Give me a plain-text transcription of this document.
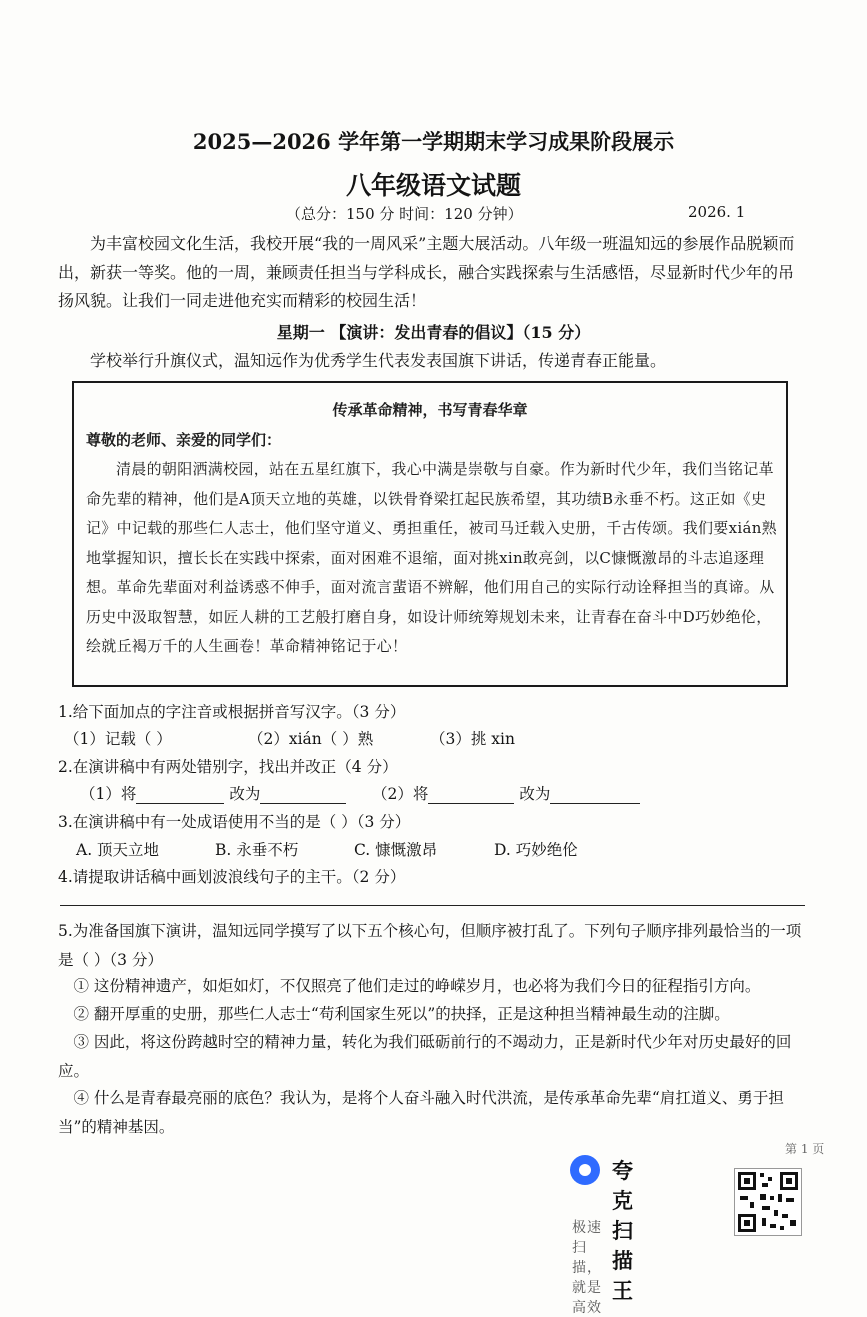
2025—2026 学年第一学期期末学习成果阶段展示
八年级语文试题
（总分：150 分 时间：120 分钟）	2026. 1
为丰富校园文化生活，我校开展“我的一周风采”主题大展活动。八年级一班温知远的参展作品脱颖而出，新获一等奖。他的一周，兼顾责任担当与学科成长，融合实践探索与生活感悟，尽显新时代少年的吊扬风貌。让我们一同走进他充实而精彩的校园生活！
星期一 【演讲：发出青春的倡议】（15 分）
学校举行升旗仪式，温知远作为优秀学生代表发表国旗下讲话，传递青春正能量。
传承革命精神，书写青春华章
尊敬的老师、亲爱的同学们：
清晨的朝阳洒满校园，站在五星红旗下，我心中满是崇敬与自豪。作为新时代少年，我们当铭记革命先辈的精神，他们是A顶天立地的英雄，以铁骨脊梁扛起民族希望，其功绩B永垂不朽。这正如《史记》中记载的那些仁人志士，他们坚守道义、勇担重任，被司马迁载入史册，千古传颂。我们要xián熟地掌握知识，擅长长在实践中探索，面对困难不退缩，面对挑xin敢亮剑，以C慷慨激昂的斗志追逐理想。革命先辈面对利益诱惑不伸手，面对流言蜚语不辨解，他们用自己的实际行动诠释担当的真谛。从历史中汲取智慧，如匠人耕的工艺般打磨自身，如设计师统筹规划未来，让青春在奋斗中D巧妙绝伦，绘就丘褐万千的人生画卷！革命精神铭记于心！
1.给下面加点的字注音或根据拼音写汉字。（3 分）
（1）记载（ ）	（2）xián（ ）熟	（3）挑 xin
2.在演讲稿中有两处错别字，找出并改正（4 分）
（1）将	改为	（2）将	改为
3.在演讲稿中有一处成语使用不当的是（ ）（3 分）
A. 顶天立地	B. 永垂不朽	C. 慷慨激昂	D. 巧妙绝伦
4.请提取讲话稿中画划波浪线句子的主干。（2 分）
5.为准备国旗下演讲，温知远同学摸写了以下五个核心句，但顺序被打乱了。下列句子顺序排列最恰当的一项是（ ）（3 分）
① 这份精神遗产，如炬如灯，不仅照亮了他们走过的峥嵘岁月，也必将为我们今日的征程指引方向。
② 翻开厚重的史册，那些仁人志士“苟利国家生死以”的抉择，正是这种担当精神最生动的注脚。
③ 因此，将这份跨越时空的精神力量，转化为我们砥砺前行的不竭动力，正是新时代少年对历史最好的回应。
④ 什么是青春最亮丽的底色？我认为，是将个人奋斗融入时代洪流，是传承革命先辈“肩扛道义、勇于担当”的精神基因。
第 1 页
夸克扫描王
极速扫描，就是高效
